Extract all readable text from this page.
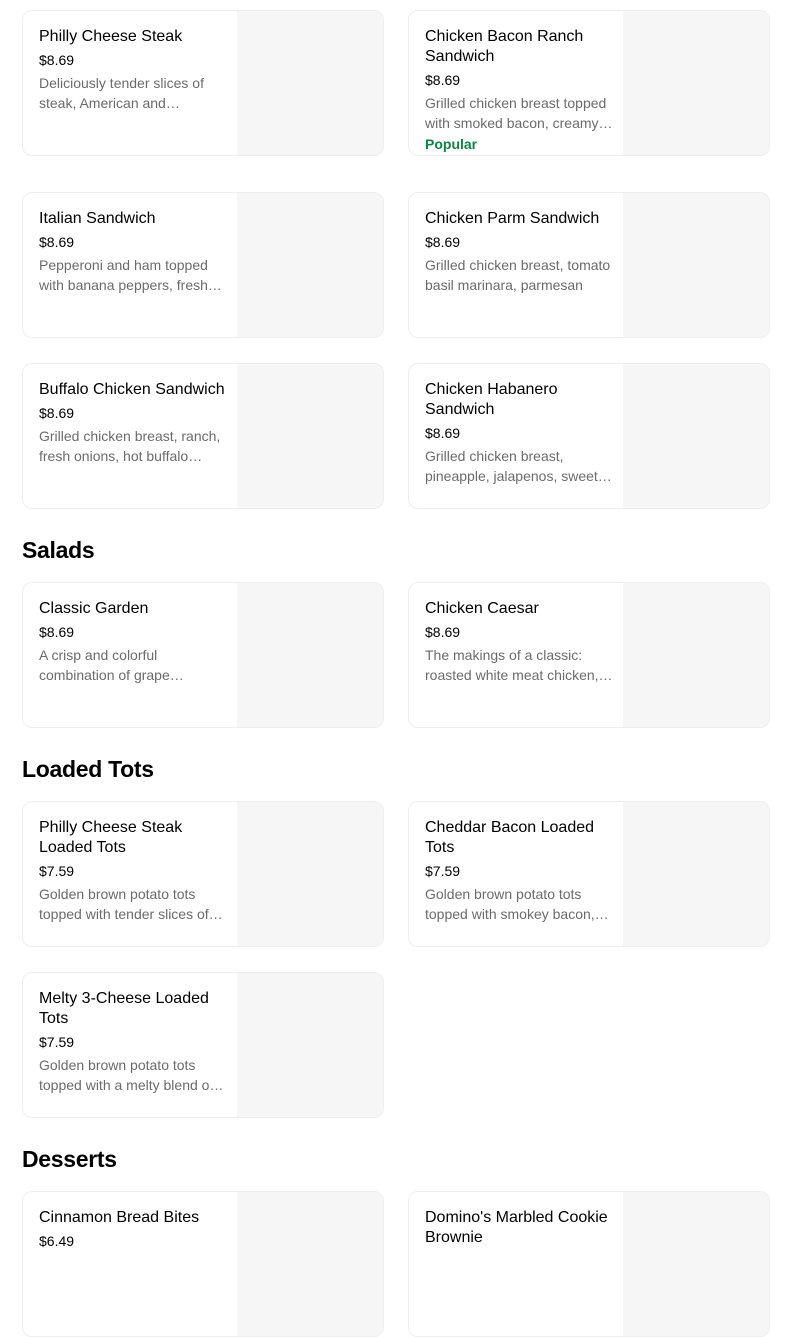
Philly Cheese Steak
$8.69
Deliciously tender slices of steak, American and
Chicken Bacon Ranch Sandwich
$8.69
Grilled chicken breast topped with smoked bacon, creamy
Popular
Italian Sandwich
$8.69
Pepperoni and ham topped with banana peppers, fresh
Chicken Parm Sandwich
$8.69
Grilled chicken breast, tomato basil marinara, parmesan
Buffalo Chicken Sandwich
$8.69
Grilled chicken breast, ranch, fresh onions, hot buffalo
Chicken Habanero Sandwich
$8.69
Grilled chicken breast, pineapple, jalapenos, sweet
Salads
Classic Garden
$8.69
A crisp and colorful combination of grape
Chicken Caesar
$8.69
The makings of a classic: roasted white meat chicken,
Loaded Tots
Philly Cheese Steak Loaded Tots
$7.59
Golden brown potato tots topped with tender slices of
Cheddar Bacon Loaded Tots
$7.59
Golden brown potato tots topped with smokey bacon,
Melty 3-Cheese Loaded Tots
$7.59
Golden brown potato tots topped with a melty blend of
Desserts
Cinnamon Bread Bites
$6.49
Domino's Marbled Cookie Brownie
